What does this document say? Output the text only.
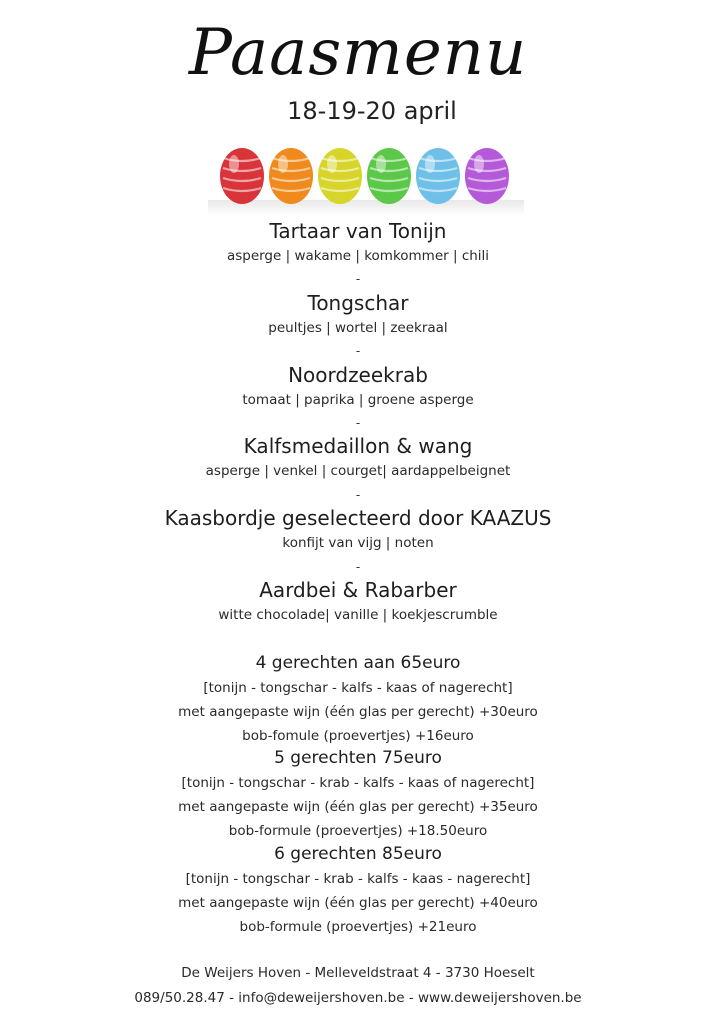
Paasmenu
18-19-20 april
Tartaar van Tonijn
asperge | wakame | komkommer | chili
-
Tongschar
peultjes | wortel | zeekraal
-
Noordzeekrab
tomaat | paprika | groene asperge
-
Kalfsmedaillon & wang
asperge | venkel | courget| aardappelbeignet
-
Kaasbordje geselecteerd door KAAZUS
konfijt van vijg | noten
-
Aardbei & Rabarber
witte chocolade| vanille | koekjescrumble
4 gerechten aan 65euro
[tonijn - tongschar - kalfs - kaas of nagerecht]
met aangepaste wijn (één glas per gerecht) +30euro
bob-fomule (proevertjes) +16euro
5 gerechten 75euro
[tonijn - tongschar - krab - kalfs - kaas of nagerecht]
met aangepaste wijn (één glas per gerecht) +35euro
bob-formule (proevertjes) +18.50euro
6 gerechten 85euro
[tonijn - tongschar - krab - kalfs - kaas - nagerecht]
met aangepaste wijn (één glas per gerecht) +40euro
bob-formule (proevertjes) +21euro
De Weijers Hoven - Melleveldstraat 4 - 3730 Hoeselt
089/50.28.47 - info@deweijershoven.be - www.deweijershoven.be
